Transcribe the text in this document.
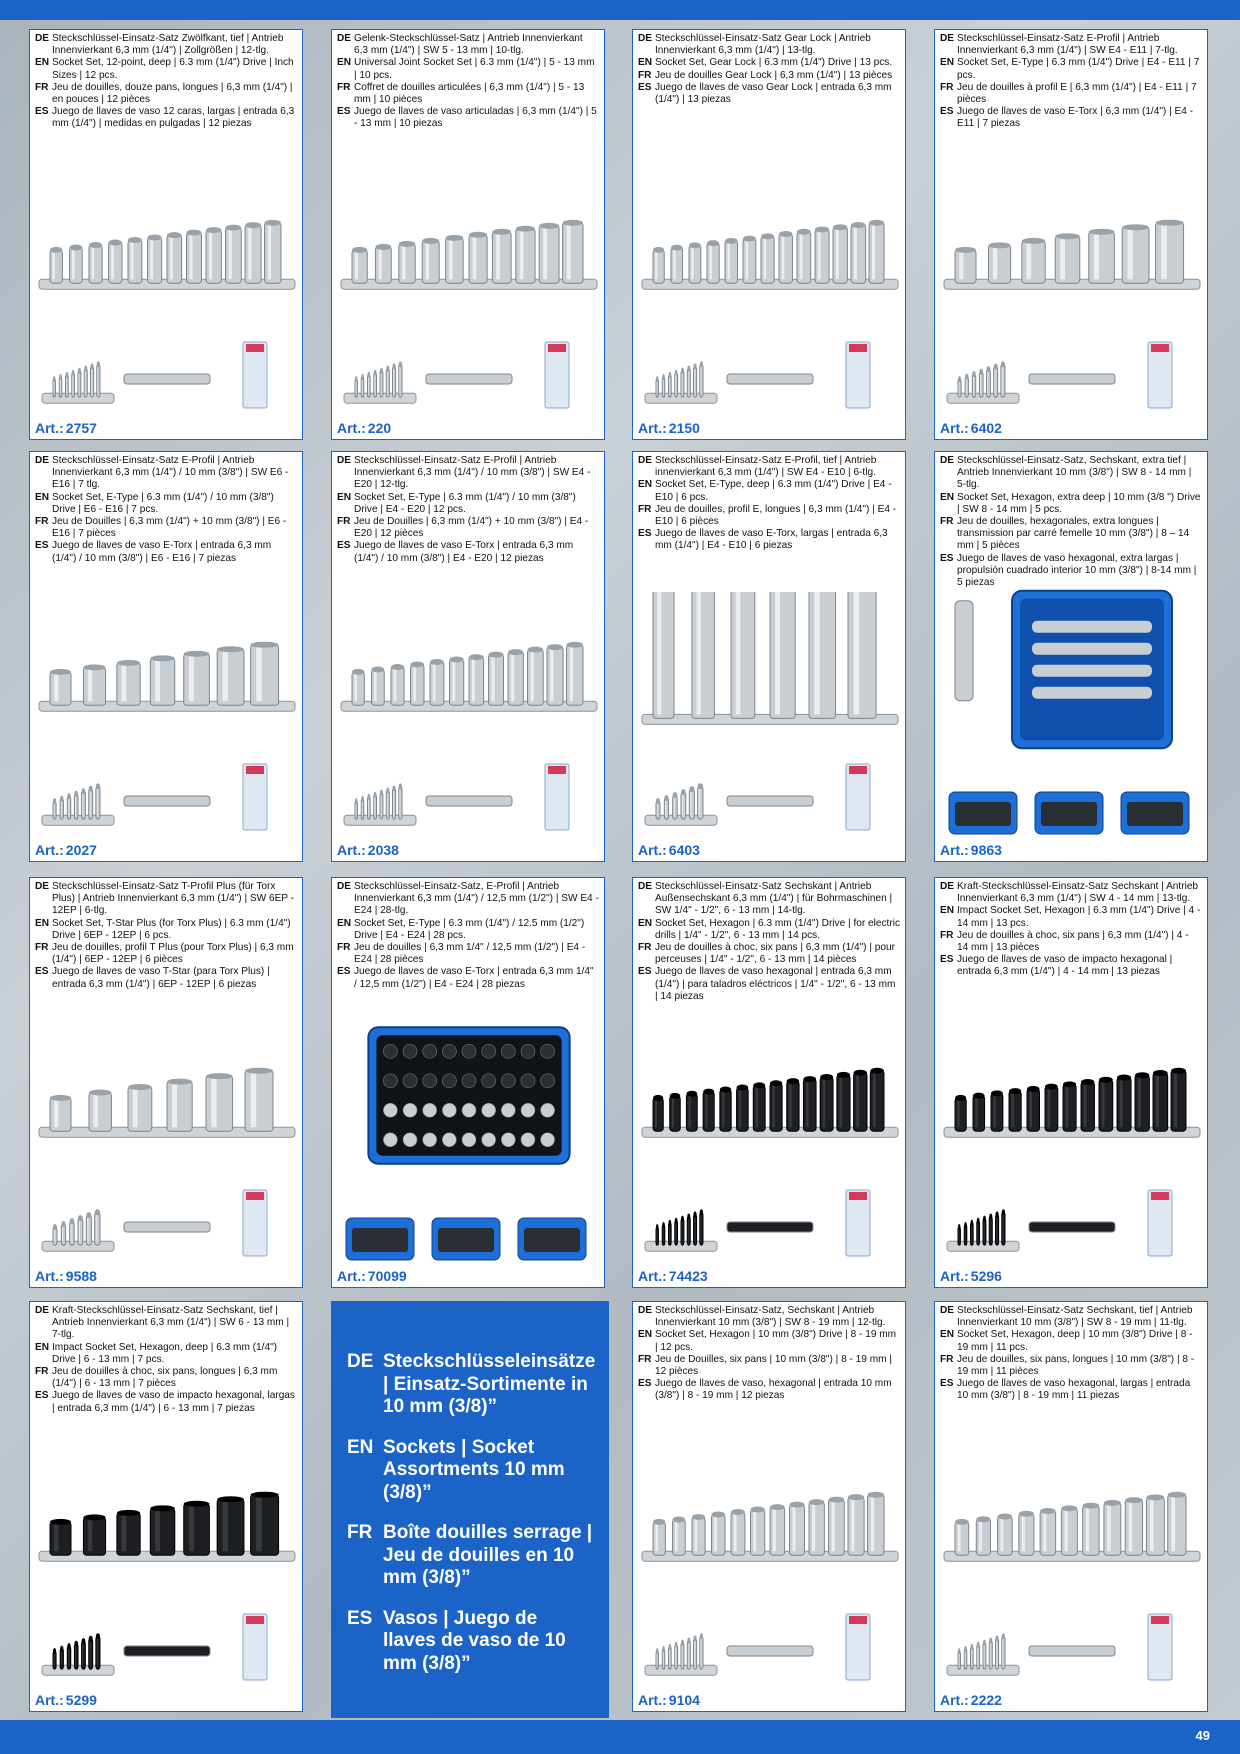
DE Steckschlüssel-Einsatz-Satz Zwölfkant, tief | Antrieb Innenvierkant 6,3 mm (1/4") | Zollgrößen | 12-tlg.
EN Socket Set, 12-point, deep | 6.3 mm (1/4") Drive | Inch Sizes | 12 pcs.
FR Jeu de douilles, douze pans, longues | 6,3 mm (1/4") | en pouces | 12 pièces
ES Juego de llaves de vaso 12 caras, largas | entrada 6,3 mm (1/4") | medidas en pulgadas | 12 piezas
Art.: 2757
DE Gelenk-Steckschlüssel-Satz | Antrieb Innenvierkant 6,3 mm (1/4") | SW 5 - 13 mm | 10-tlg.
EN Universal Joint Socket Set | 6.3 mm (1/4") | 5 - 13 mm | 10 pcs.
FR Coffret de douilles articulées | 6,3 mm (1/4") | 5 - 13 mm | 10 pièces
ES Juego de llaves de vaso articuladas | 6,3 mm (1/4") | 5 - 13 mm | 10 piezas
Art.: 220
DE Steckschlüssel-Einsatz-Satz Gear Lock | Antrieb Innenvierkant 6,3 mm (1/4") | 13-tlg.
EN Socket Set, Gear Lock | 6.3 mm (1/4") Drive | 13 pcs.
FR Jeu de douilles Gear Lock | 6,3 mm (1/4") | 13 pièces
ES Juego de llaves de vaso Gear Lock | entrada 6,3 mm (1/4") | 13 piezas
Art.: 2150
DE Steckschlüssel-Einsatz-Satz E-Profil | Antrieb Innenvierkant 6,3 mm (1/4") | SW E4 - E11 | 7-tlg.
EN Socket Set, E-Type | 6.3 mm (1/4") Drive | E4 - E11 | 7 pcs.
FR Jeu de douilles à profil E | 6,3 mm (1/4") | E4 - E11 | 7 pièces
ES Juego de llaves de vaso E-Torx | 6,3 mm (1/4") | E4 - E11 | 7 piezas
Art.: 6402
DE Steckschlüssel-Einsatz-Satz E-Profil | Antrieb Innenvierkant 6,3 mm (1/4") / 10 mm (3/8") | SW E6 - E16 | 7 tlg.
EN Socket Set, E-Type | 6.3 mm (1/4") / 10 mm (3/8") Drive | E6 - E16 | 7 pcs.
FR Jeu de Douilles | 6,3 mm (1/4") + 10 mm (3/8") | E6 - E16 | 7 pièces
ES Juego de llaves de vaso E-Torx | entrada 6,3 mm (1/4") / 10 mm (3/8") | E6 - E16 | 7 piezas
Art.: 2027
DE Steckschlüssel-Einsatz-Satz E-Profil | Antrieb Innenvierkant 6,3 mm (1/4") / 10 mm (3/8") | SW E4 - E20 | 12-tlg.
EN Socket Set, E-Type | 6.3 mm (1/4") / 10 mm (3/8") Drive | E4 - E20 | 12 pcs.
FR Jeu de Douilles | 6,3 mm (1/4") + 10 mm (3/8") | E4 - E20 | 12 pièces
ES Juego de llaves de vaso E-Torx | entrada 6,3 mm (1/4") / 10 mm (3/8") | E4 - E20 | 12 piezas
Art.: 2038
DE Steckschlüssel-Einsatz-Satz E-Profil, tief | Antrieb innenvierkant 6,3 mm (1/4") | SW E4 - E10 | 6-tlg.
EN Socket Set, E-Type, deep | 6.3 mm (1/4") Drive | E4 - E10 | 6 pcs.
FR Jeu de douilles, profil E, longues | 6,3 mm (1/4") | E4 - E10 | 6 pièces
ES Juego de llaves de vaso E-Torx, largas | entrada 6,3 mm (1/4") | E4 - E10 | 6 piezas
Art.: 6403
DE Steckschlüssel-Einsatz-Satz, Sechskant, extra tief | Antrieb Innenvierkant 10 mm (3/8") | SW 8 - 14 mm | 5-tlg.
EN Socket Set, Hexagon, extra deep | 10 mm (3/8 ") Drive | SW 8 - 14 mm | 5 pcs.
FR Jeu de douilles, hexagonales, extra longues | transmission par carré femelle 10 mm (3/8") | 8 – 14 mm | 5 pièces
ES Juego de llaves de vaso hexagonal, extra largas | propulsión cuadrado interior 10 mm (3/8") | 8-14 mm | 5 piezas
Art.: 9863
DE Steckschlüssel-Einsatz-Satz T-Profil Plus (für Torx Plus) | Antrieb Innenvierkant 6,3 mm (1/4") | SW 6EP - 12EP | 6-tlg.
EN Socket Set, T-Star Plus (for Torx Plus) | 6.3 mm (1/4") Drive | 6EP - 12EP | 6 pcs.
FR Jeu de douilles, profil T Plus (pour Torx Plus) | 6,3 mm (1/4") | 6EP - 12EP | 6 pièces
ES Juego de llaves de vaso T-Star (para Torx Plus) | entrada 6,3 mm (1/4") | 6EP - 12EP | 6 piezas
Art.: 9588
DE Steckschlüssel-Einsatz-Satz, E-Profil | Antrieb Innenvierkant 6,3 mm (1/4") / 12,5 mm (1/2") | SW E4 - E24 | 28-tlg.
EN Socket Set, E-Type | 6.3 mm (1/4") / 12.5 mm (1/2") Drive | E4 - E24 | 28 pcs.
FR Jeu de douilles | 6,3 mm 1/4" / 12,5 mm (1/2") | E4 - E24 | 28 pièces
ES Juego de llaves de vaso E-Torx | entrada 6,3 mm 1/4" / 12,5 mm (1/2") | E4 - E24 | 28 piezas
Art.: 70099
DE Steckschlüssel-Einsatz-Satz Sechskant | Antrieb Außensechskant 6,3 mm (1/4") | für Bohrmaschinen | SW 1/4" - 1/2", 6 - 13 mm | 14-tlg.
EN Socket Set, Hexagon | 6.3 mm (1/4") Drive | for electric drills | 1/4" - 1/2", 6 - 13 mm | 14 pcs.
FR Jeu de douilles à choc, six pans | 6,3 mm (1/4") | pour perceuses | 1/4" - 1/2", 6 - 13 mm | 14 pièces
ES Juego de llaves de vaso hexagonal | entrada 6,3 mm (1/4") | para taladros eléctricos | 1/4" - 1/2", 6 - 13 mm | 14 piezas
Art.: 74423
DE Kraft-Steckschlüssel-Einsatz-Satz Sechskant | Antrieb Innenvierkant 6,3 mm (1/4") | SW 4 - 14 mm | 13-tlg.
EN Impact Socket Set, Hexagon | 6.3 mm (1/4") Drive | 4 - 14 mm | 13 pcs.
FR Jeu de douilles à choc, six pans | 6,3 mm (1/4") | 4 - 14 mm | 13 pièces
ES Juego de llaves de vaso de impacto hexagonal | entrada 6,3 mm (1/4") | 4 - 14 mm | 13 piezas
Art.: 5296
DE Kraft-Steckschlüssel-Einsatz-Satz Sechskant, tief | Antrieb Innenvierkant 6,3 mm (1/4") | SW 6 - 13 mm | 7-tlg.
EN Impact Socket Set, Hexagon, deep | 6.3 mm (1/4") Drive | 6 - 13 mm | 7 pcs.
FR Jeu de douilles à choc, six pans, longues | 6,3 mm (1/4") | 6 - 13 mm | 7 pièces
ES Juego de llaves de vaso de impacto hexagonal, largas | entrada 6,3 mm (1/4") | 6 - 13 mm | 7 piezas
Art.: 5299
DE Steckschlüssel-Einsatz-Satz, Sechskant | Antrieb Innenvierkant 10 mm (3/8") | SW 8 - 19 mm | 12-tlg.
EN Socket Set, Hexagon | 10 mm (3/8") Drive | 8 - 19 mm | 12 pcs.
FR Jeu de Douilles, six pans | 10 mm (3/8") | 8 - 19 mm | 12 pièces
ES Juego de llaves de vaso, hexagonal | entrada 10 mm (3/8") | 8 - 19 mm | 12 piezas
Art.: 9104
DE Steckschlüssel-Einsatz-Satz Sechskant, tief | Antrieb Innenvierkant 10 mm (3/8") | SW 8 - 19 mm | 11-tlg.
EN Socket Set, Hexagon, deep | 10 mm (3/8") Drive | 8 - 19 mm | 11 pcs.
FR Jeu de douilles, six pans, longues | 10 mm (3/8") | 8 - 19 mm | 11 pièces
ES Juego de llaves de vaso hexagonal, largas | entrada 10 mm (3/8") | 8 - 19 mm | 11 piezas
Art.: 2222
DE Steckschlüsseleinsätze | Einsatz-Sortimente in 10 mm (3/8)”
EN Sockets | Socket Assortments 10 mm (3/8)”
FR Boîte douilles serrage | Jeu de douilles en 10 mm (3/8)”
ES Vasos | Juego de llaves de vaso de 10 mm (3/8)”
49
